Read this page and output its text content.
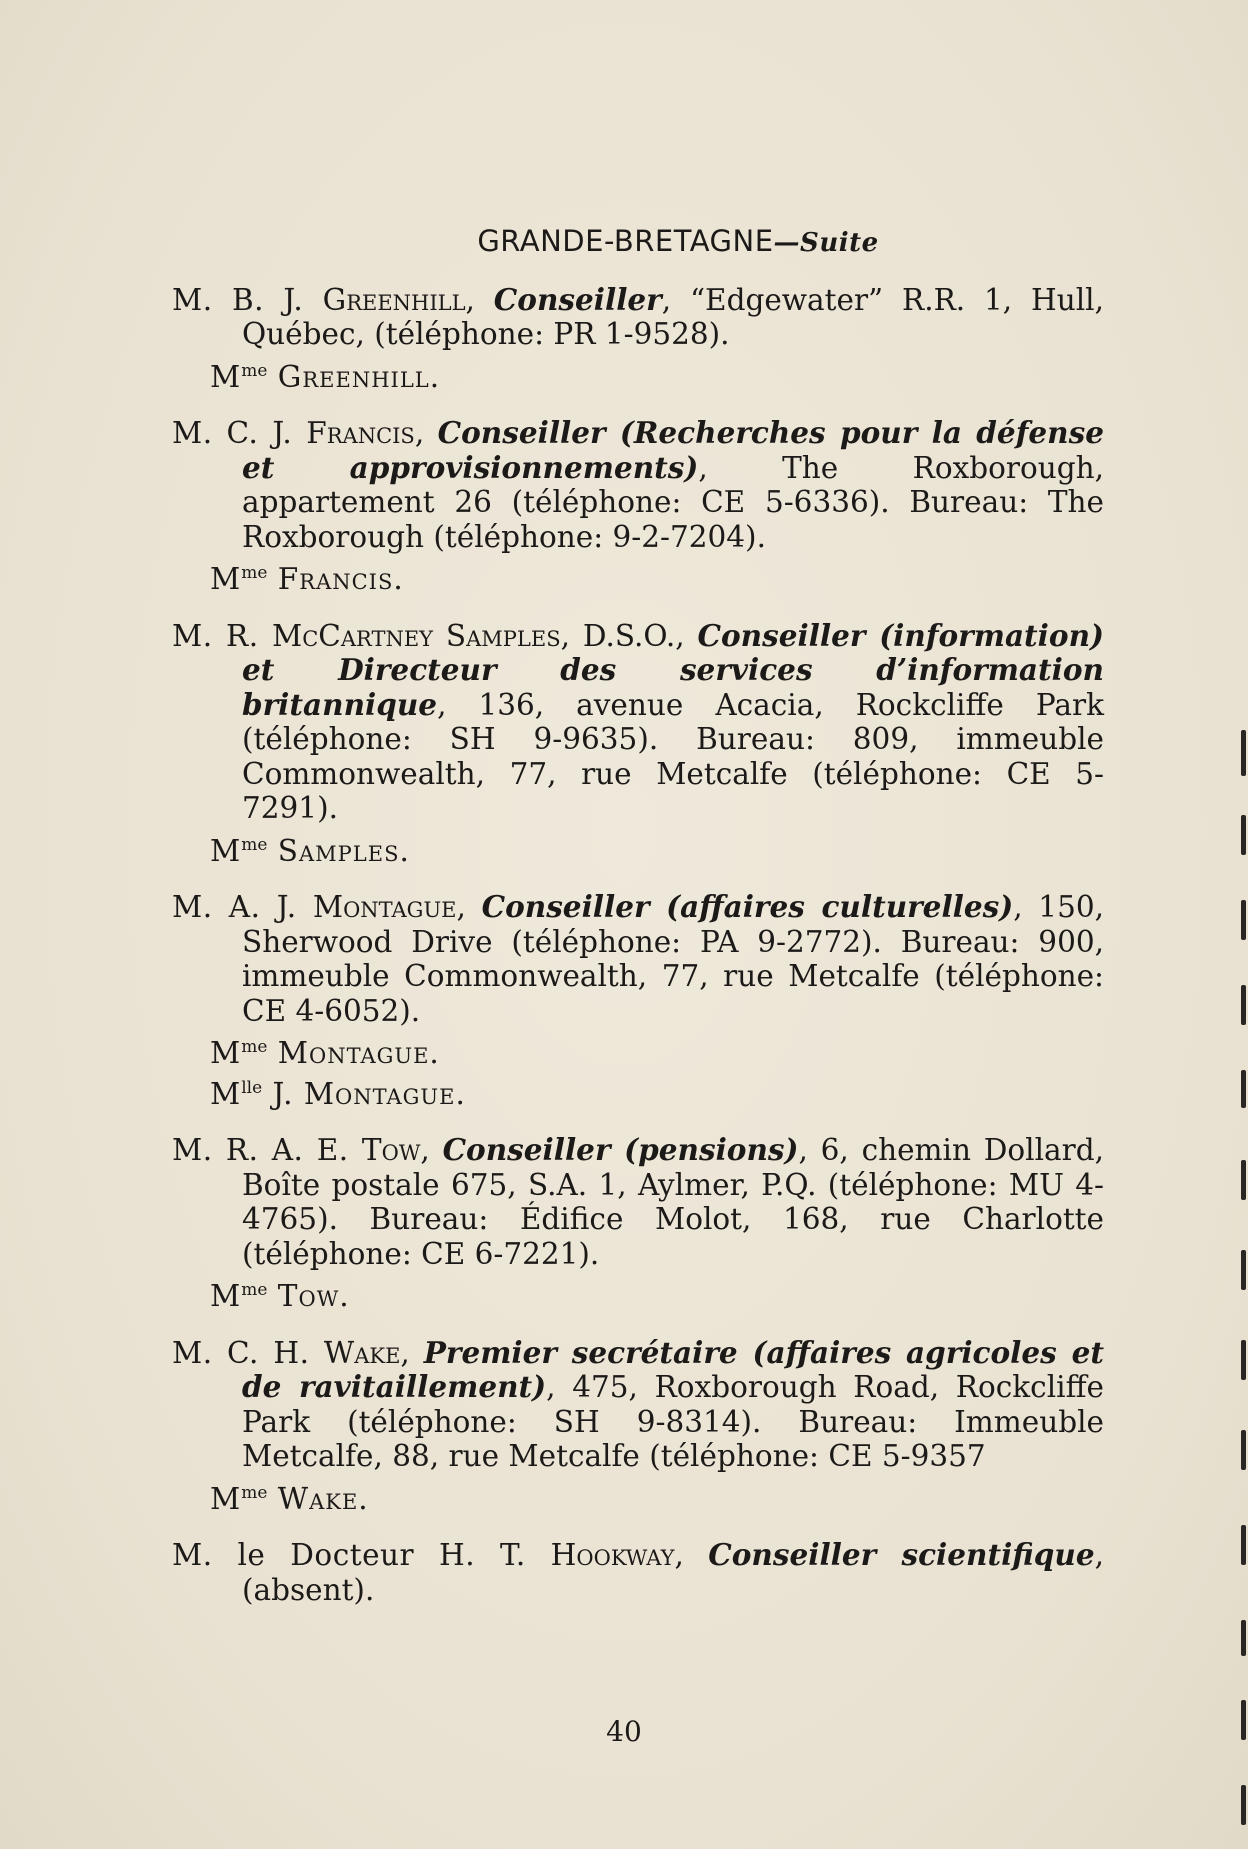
GRANDE-BRETAGNE—Suite

M. B. J. Greenhill, Conseiller, “Edgewater” R.R. 1, Hull, Québec, (téléphone: PR 1-9528).

$M^{me}$ Greenhill.

M. C. J. Francis, Conseiller (Recherches pour la défense et approvisionnements), The Roxborough, appartement 26 (téléphone: CE 5-6336). Bureau: The Roxborough (téléphone: 9-2-7204).

$M^{me}$ Francis.

M. R. McCartney Samples, D.S.O., Conseiller (information) et Directeur des services d’information britannique, 136, avenue Acacia, Rockcliffe Park (téléphone: SH 9-9635). Bureau: 809, immeuble Commonwealth, 77, rue Metcalfe (téléphone: CE 5-7291).

$M^{me}$ Samples.

M. A. J. Montague, Conseiller (affaires culturelles), 150, Sherwood Drive (téléphone: PA 9-2772). Bureau: 900, immeuble Commonwealth, 77, rue Metcalfe (téléphone: CE 4-6052).

$M^{me}$ Montague.
$M^{lle}$ J. Montague.

M. R. A. E. Tow, Conseiller (pensions), 6, chemin Dollard, Boîte postale 675, S.A. 1, Aylmer, P.Q. (téléphone: MU 4-4765). Bureau: Édifice Molot, 168, rue Charlotte (téléphone: CE 6-7221).

$M^{me}$ Tow.

M. C. H. Wake, Premier secrétaire (affaires agricoles et de ravitaillement), 475, Roxborough Road, Rockcliffe Park (téléphone: SH 9-8314). Bureau: Immeuble Metcalfe, 88, rue Metcalfe (téléphone: CE 5-9357

$M^{me}$ Wake.

M. le Docteur H. T. Hookway, Conseiller scientifique, (absent).

40
